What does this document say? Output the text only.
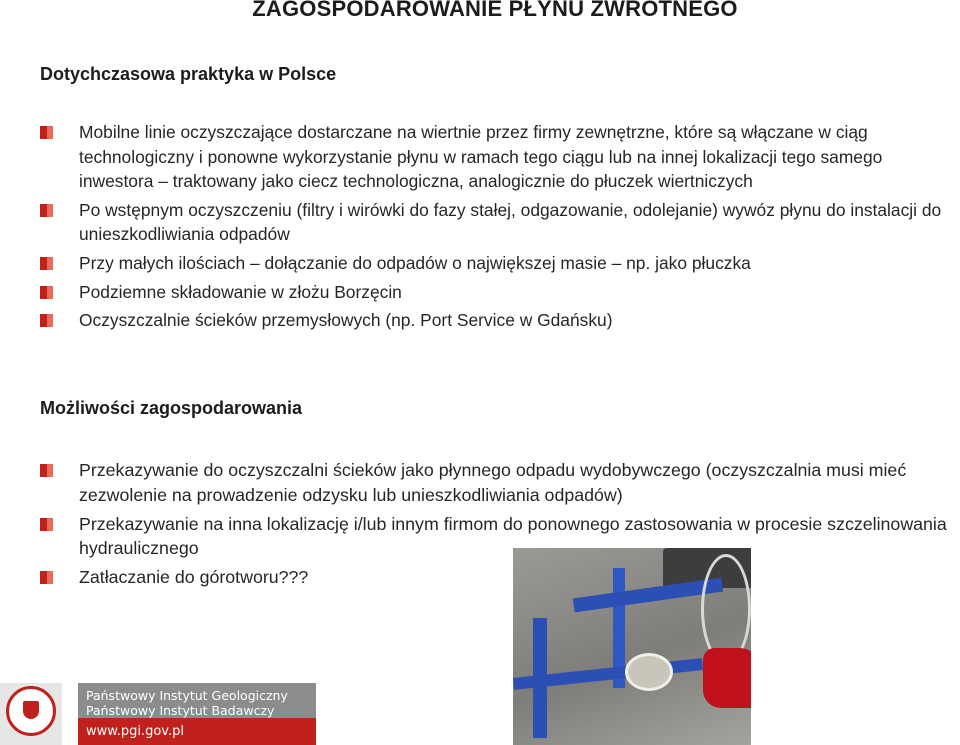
ZAGOSPODAROWANIE PŁYNU ZWROTNEGO
Dotychczasowa praktyka w Polsce
Mobilne linie oczyszczające dostarczane na wiertnie przez firmy zewnętrzne, które są włączane w ciąg technologiczny i ponowne wykorzystanie płynu w ramach tego ciągu lub na innej lokalizacji tego samego inwestora – traktowany jako ciecz technologiczna, analogicznie do płuczek wiertniczych
Po wstępnym oczyszczeniu (filtry i wirówki do fazy stałej, odgazowanie, odolejanie) wywóz płynu do instalacji do unieszkodliwiania odpadów
Przy małych ilościach – dołączanie do odpadów o największej masie – np. jako płuczka
Podziemne składowanie w złożu Borzęcin
Oczyszczalnie ścieków przemysłowych (np. Port Service w Gdańsku)
Możliwości zagospodarowania
Przekazywanie do oczyszczalni ścieków jako płynnego odpadu wydobywczego (oczyszczalnia musi mieć zezwolenie na prowadzenie odzysku lub unieszkodliwiania odpadów)
Przekazywanie na inna lokalizację i/lub innym firmom do ponownego zastosowania w procesie szczelinowania hydraulicznego
Zatłaczanie do górotworu???
Państwowy Instytut Geologiczny
Państwowy Instytut Badawczy
www.pgi.gov.pl
